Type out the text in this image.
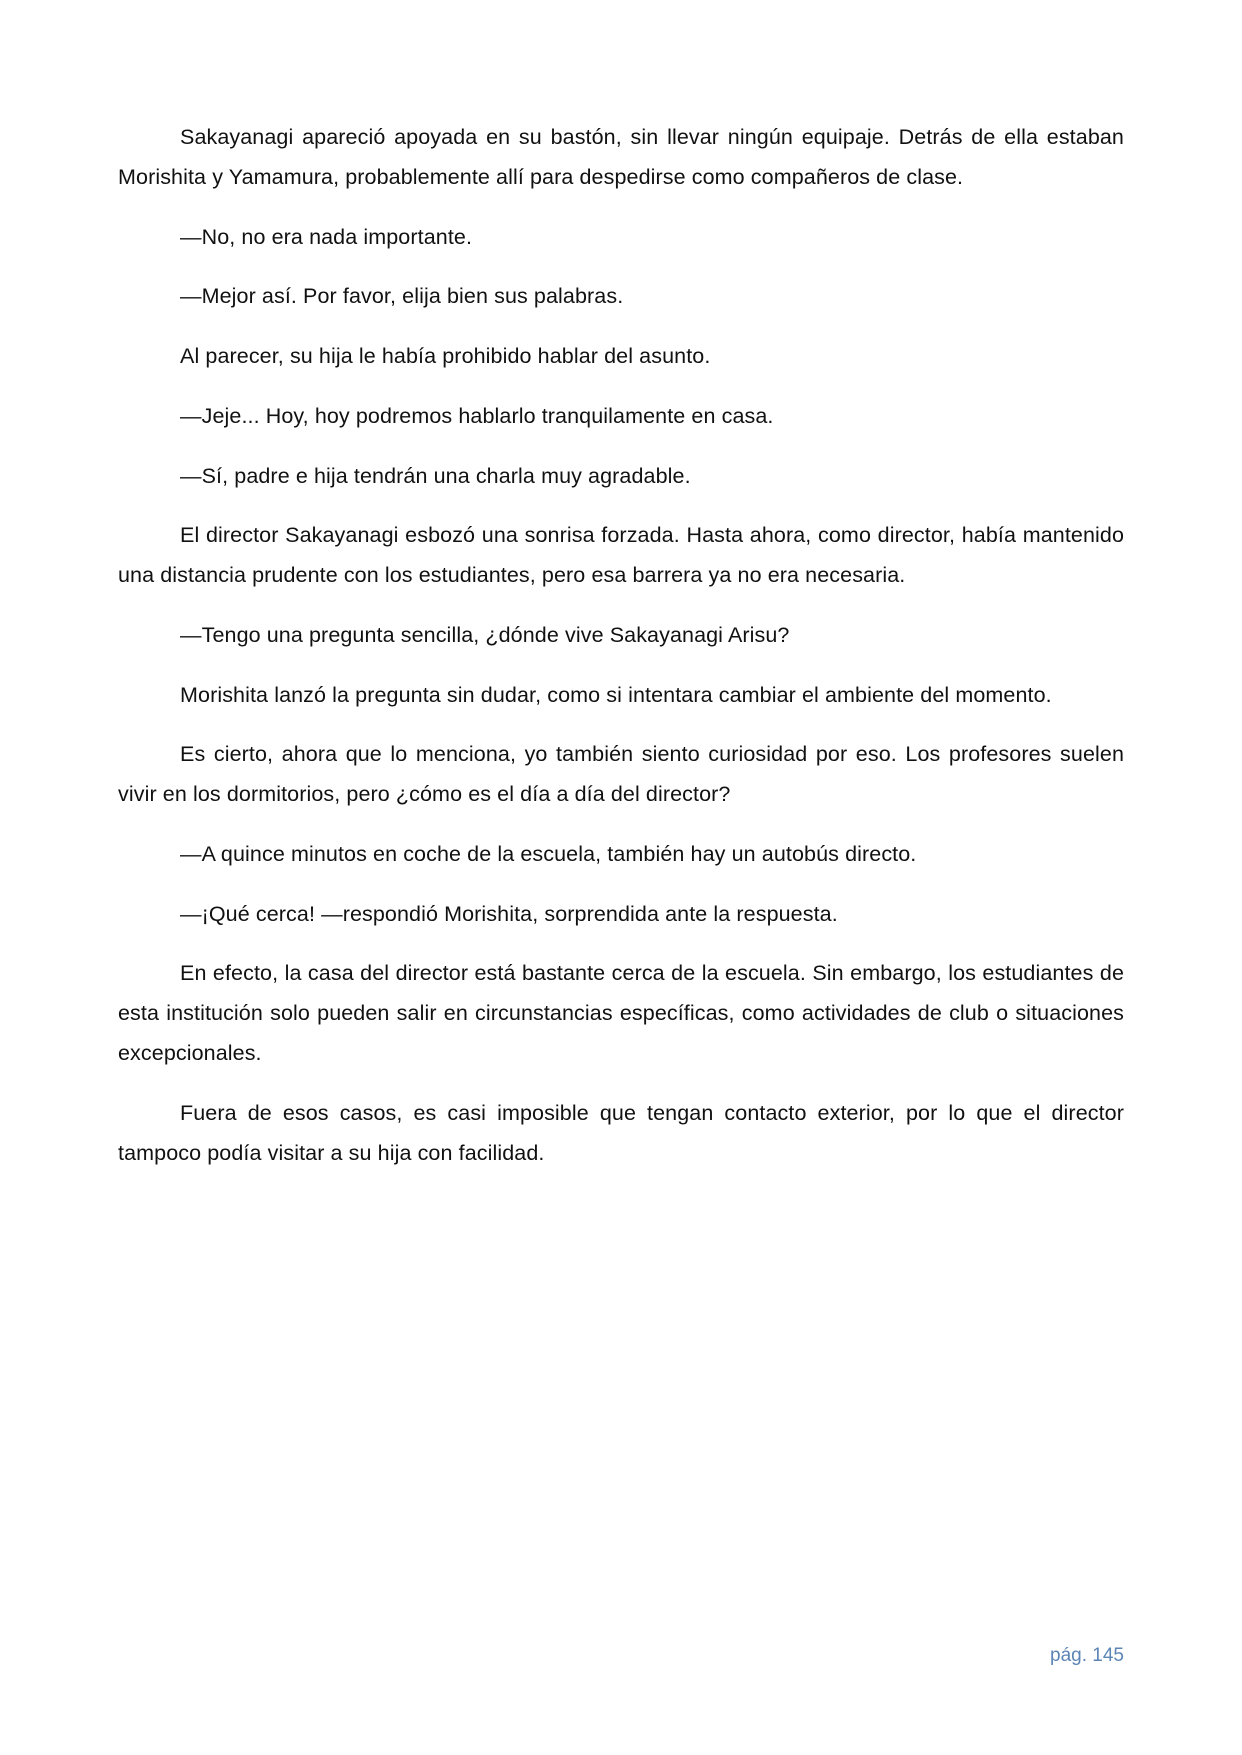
Sakayanagi apareció apoyada en su bastón, sin llevar ningún equipaje. Detrás de ella estaban Morishita y Yamamura, probablemente allí para despedirse como compañeros de clase.

—No, no era nada importante.

—Mejor así. Por favor, elija bien sus palabras.

Al parecer, su hija le había prohibido hablar del asunto.

—Jeje... Hoy, hoy podremos hablarlo tranquilamente en casa.

—Sí, padre e hija tendrán una charla muy agradable.

El director Sakayanagi esbozó una sonrisa forzada. Hasta ahora, como director, había mantenido una distancia prudente con los estudiantes, pero esa barrera ya no era necesaria.

—Tengo una pregunta sencilla, ¿dónde vive Sakayanagi Arisu?

Morishita lanzó la pregunta sin dudar, como si intentara cambiar el ambiente del momento.

Es cierto, ahora que lo menciona, yo también siento curiosidad por eso. Los profesores suelen vivir en los dormitorios, pero ¿cómo es el día a día del director?

—A quince minutos en coche de la escuela, también hay un autobús directo.

—¡Qué cerca! —respondió Morishita, sorprendida ante la respuesta.

En efecto, la casa del director está bastante cerca de la escuela. Sin embargo, los estudiantes de esta institución solo pueden salir en circunstancias específicas, como actividades de club o situaciones excepcionales.

Fuera de esos casos, es casi imposible que tengan contacto exterior, por lo que el director tampoco podía visitar a su hija con facilidad.

pág. 145
